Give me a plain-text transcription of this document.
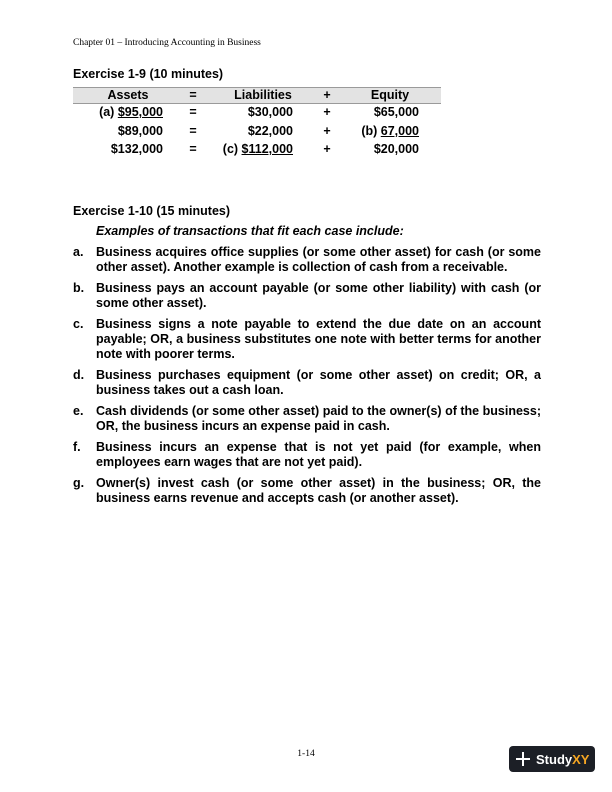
Chapter 01 – Introducing Accounting in Business
Exercise 1-9 (10 minutes)
Assets	=	Liabilities	+	Equity
(a) $95,000	=	$30,000	+	$65,000
$89,000	=	$22,000	+	(b) 67,000
$132,000	=	(c) $112,000	+	$20,000
Exercise 1-10 (15 minutes)
Examples of transactions that fit each case include:
a. Business acquires office supplies (or some other asset) for cash (or some other asset). Another example is collection of cash from a receivable.
b. Business pays an account payable (or some other liability) with cash (or some other asset).
c. Business signs a note payable to extend the due date on an account payable; OR, a business substitutes one note with better terms for another note with poorer terms.
d. Business purchases equipment (or some other asset) on credit; OR, a business takes out a cash loan.
e. Cash dividends (or some other asset) paid to the owner(s) of the business; OR, the business incurs an expense paid in cash.
f. Business incurs an expense that is not yet paid (for example, when employees earn wages that are not yet paid).
g. Owner(s) invest cash (or some other asset) in the business; OR, the business earns revenue and accepts cash (or another asset).
1-14	Study XY
